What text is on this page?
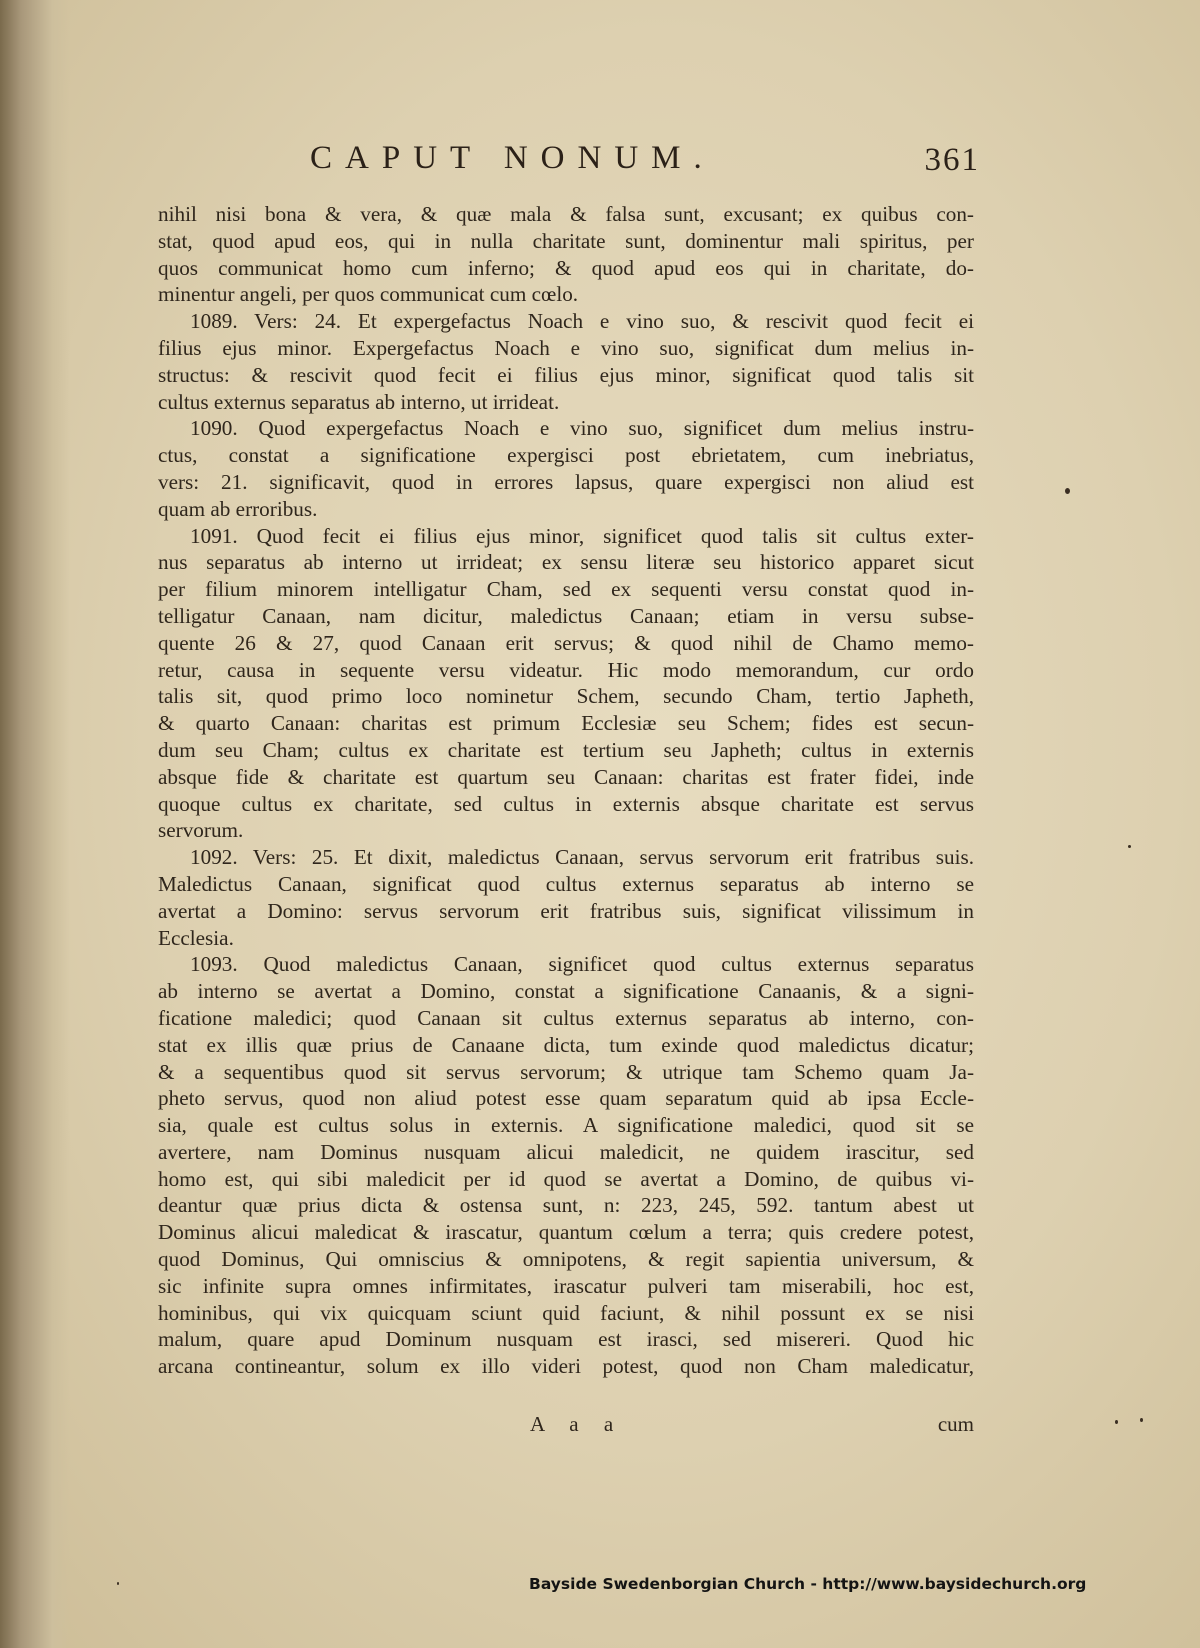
CAPUT NONUM.	361
nihil nisi bona & vera, & quæ mala & falsa sunt, excusant; ex quibus con-
stat, quod apud eos, qui in nulla charitate sunt, dominentur mali spiritus, per
quos communicat homo cum inferno; & quod apud eos qui in charitate, do-
minentur angeli, per quos communicat cum cœlo.
1089. Vers: 24. Et expergefactus Noach e vino suo, & rescivit quod fecit ei
filius ejus minor. Expergefactus Noach e vino suo, significat dum melius in-
structus: & rescivit quod fecit ei filius ejus minor, significat quod talis sit
cultus externus separatus ab interno, ut irrideat.
1090. Quod expergefactus Noach e vino suo, significet dum melius instru-
ctus, constat a significatione expergisci post ebrietatem, cum inebriatus,
vers: 21. significavit, quod in errores lapsus, quare expergisci non aliud est
quam ab erroribus.
1091. Quod fecit ei filius ejus minor, significet quod talis sit cultus exter-
nus separatus ab interno ut irrideat; ex sensu literæ seu historico apparet sicut
per filium minorem intelligatur Cham, sed ex sequenti versu constat quod in-
telligatur Canaan, nam dicitur, maledictus Canaan; etiam in versu subse-
quente 26 & 27, quod Canaan erit servus; & quod nihil de Chamo memo-
retur, causa in sequente versu videatur. Hic modo memorandum, cur ordo
talis sit, quod primo loco nominetur Schem, secundo Cham, tertio Japheth,
& quarto Canaan: charitas est primum Ecclesiæ seu Schem; fides est secun-
dum seu Cham; cultus ex charitate est tertium seu Japheth; cultus in externis
absque fide & charitate est quartum seu Canaan: charitas est frater fidei, inde
quoque cultus ex charitate, sed cultus in externis absque charitate est servus
servorum.
1092. Vers: 25. Et dixit, maledictus Canaan, servus servorum erit fratribus suis.
Maledictus Canaan, significat quod cultus externus separatus ab interno se
avertat a Domino: servus servorum erit fratribus suis, significat vilissimum in
Ecclesia.
1093. Quod maledictus Canaan, significet quod cultus externus separatus
ab interno se avertat a Domino, constat a significatione Canaanis, & a signi-
ficatione maledici; quod Canaan sit cultus externus separatus ab interno, con-
stat ex illis quæ prius de Canaane dicta, tum exinde quod maledictus dicatur;
& a sequentibus quod sit servus servorum; & utrique tam Schemo quam Ja-
pheto servus, quod non aliud potest esse quam separatum quid ab ipsa Eccle-
sia, quale est cultus solus in externis. A significatione maledici, quod sit se
avertere, nam Dominus nusquam alicui maledicit, ne quidem irascitur, sed
homo est, qui sibi maledicit per id quod se avertat a Domino, de quibus vi-
deantur quæ prius dicta & ostensa sunt, n: 223, 245, 592. tantum abest ut
Dominus alicui maledicat & irascatur, quantum cœlum a terra; quis credere potest,
quod Dominus, Qui omniscius & omnipotens, & regit sapientia universum, &
sic infinite supra omnes infirmitates, irascatur pulveri tam miserabili, hoc est,
hominibus, qui vix quicquam sciunt quid faciunt, & nihil possunt ex se nisi
malum, quare apud Dominum nusquam est irasci, sed misereri. Quod hic
arcana contineantur, solum ex illo videri potest, quod non Cham maledicatur,
A a a	cum
Bayside Swedenborgian Church - http://www.baysidechurch.org
